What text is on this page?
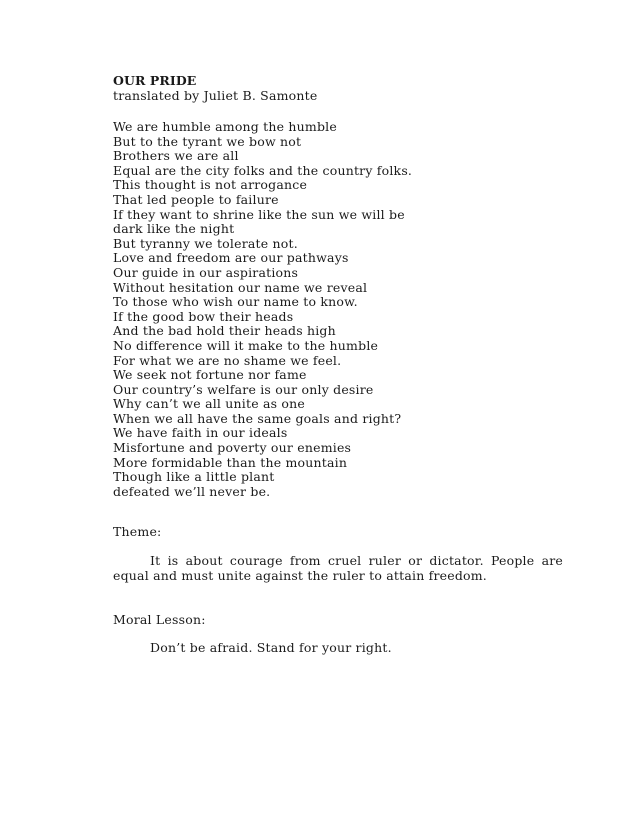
OUR PRIDE
translated by Juliet B. Samonte
We are humble among the humble
But to the tyrant we bow not
Brothers we are all
Equal are the city folks and the country folks.
This thought is not arrogance
That led people to failure
If they want to shrine like the sun we will be
dark like the night
But tyranny we tolerate not.
Love and freedom are our pathways
Our guide in our aspirations
Without hesitation our name we reveal
To those who wish our name to know.
If the good bow their heads
And the bad hold their heads high
No difference will it make to the humble
For what we are no shame we feel.
We seek not fortune nor fame
Our country’s welfare is our only desire
Why can’t we all unite as one
When we all have the same goals and right?
We have faith in our ideals
Misfortune and poverty our enemies
More formidable than the mountain
Though like a little plant
defeated we’ll never be.
Theme:

It is about courage from cruel ruler or dictator. People are equal and must unite against the ruler to attain freedom.

Moral Lesson:
Don’t be afraid. Stand for your right.
